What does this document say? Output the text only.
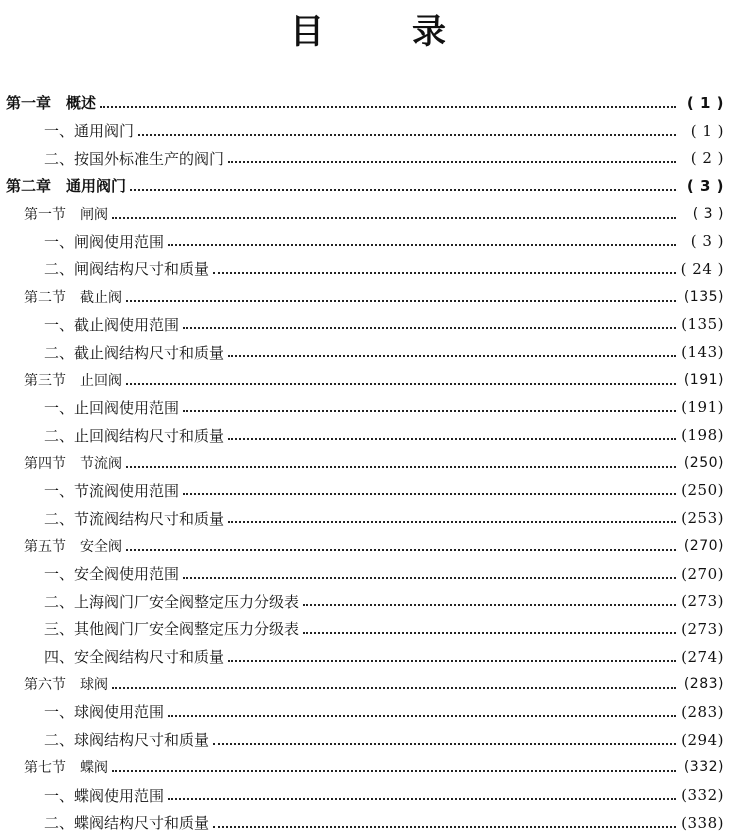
目录
第一章　概述	( 1 )
一、通用阀门	( 1 )
二、按国外标准生产的阀门	( 2 )
第二章　通用阀门	( 3 )
第一节　闸阀	( 3 )
一、闸阀使用范围	( 3 )
二、闸阀结构尺寸和质量	( 24 )
第二节　截止阀	(135)
一、截止阀使用范围	(135)
二、截止阀结构尺寸和质量	(143)
第三节　止回阀	(191)
一、止回阀使用范围	(191)
二、止回阀结构尺寸和质量	(198)
第四节　节流阀	(250)
一、节流阀使用范围	(250)
二、节流阀结构尺寸和质量	(253)
第五节　安全阀	(270)
一、安全阀使用范围	(270)
二、上海阀门厂安全阀整定压力分级表	(273)
三、其他阀门厂安全阀整定压力分级表	(273)
四、安全阀结构尺寸和质量	(274)
第六节　球阀	(283)
一、球阀使用范围	(283)
二、球阀结构尺寸和质量	(294)
第七节　蝶阀	(332)
一、蝶阀使用范围	(332)
二、蝶阀结构尺寸和质量	(338)
